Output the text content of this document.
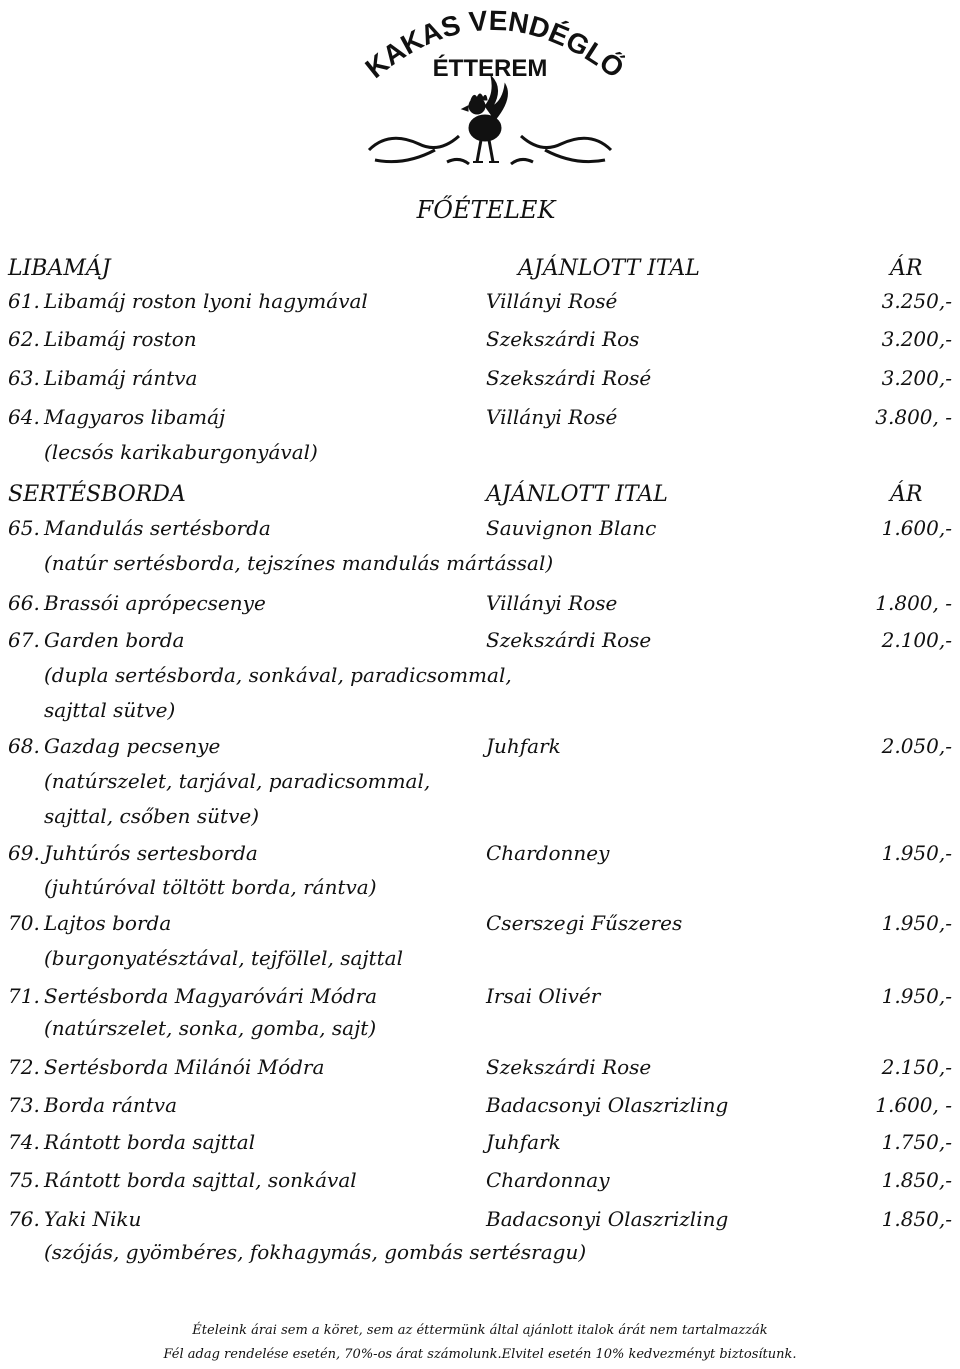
KAKAS VENDÉGL
ÉTTEREM
FŐÉTELEK
LIBAMÁJ	AJÁNLOTT ITAL	ÁR
61. Libamáj roston lyoni hagymával	Villányi Rosé	3.250,-
62. Libamáj roston	Szekszárdi Ros	3.200,-
63. Libamáj rántva	Szekszárdi Rosé	3.200,-
64. Magyaros libamáj	Villányi Rosé	3.800, -
(lecsós karikaburgonyával)
SERTÉSBORDA	AJÁNLOTT ITAL	ÁR
65. Mandulás sertésborda	Sauvignon Blanc	1.600,-
(natúr sertésborda, tejszínes mandulás mártással)
66. Brassói aprópecsenye	Villányi Rose	1.800, -
67. Garden borda	Szekszárdi Rose	2.100,-
(dupla sertésborda, sonkával, paradicsommal,
sajttal sütve)
68. Gazdag pecsenye	Juhfark	2.050,-
(natúrszelet, tarjával, paradicsommal,
sajttal, csőben sütve)
69. Juhtúrós sertesborda	Chardonney	1.950,-
(juhtúróval töltött borda, rántva)
70. Lajtos borda	Cserszegi Fűszeres	1.950,-
(burgonyatésztával, tejföllel, sajttal
71. Sertésborda Magyaróvári Módra	Irsai Olivér	1.950,-
(natúrszelet, sonka, gomba, sajt)
72. Sertésborda Milánói Módra	Szekszárdi Rose	2.150,-
73. Borda rántva	Badacsonyi Olaszrizling	1.600, -
74. Rántott borda sajttal	Juhfark	1.750,-
75. Rántott borda sajttal, sonkával	Chardonnay	1.850,-
76. Yaki Niku	Badacsonyi Olaszrizling	1.850,-
(szójás, gyömbéres, fokhagymás, gombás sertésragu)
Ételeink árai sem a köret, sem az éttermünk által ajánlott italok árát nem tartalmazzák
Fél adag rendelése esetén, 70%-os árat számolunk.Elvitel esetén 10% kedvezményt biztosítunk.
